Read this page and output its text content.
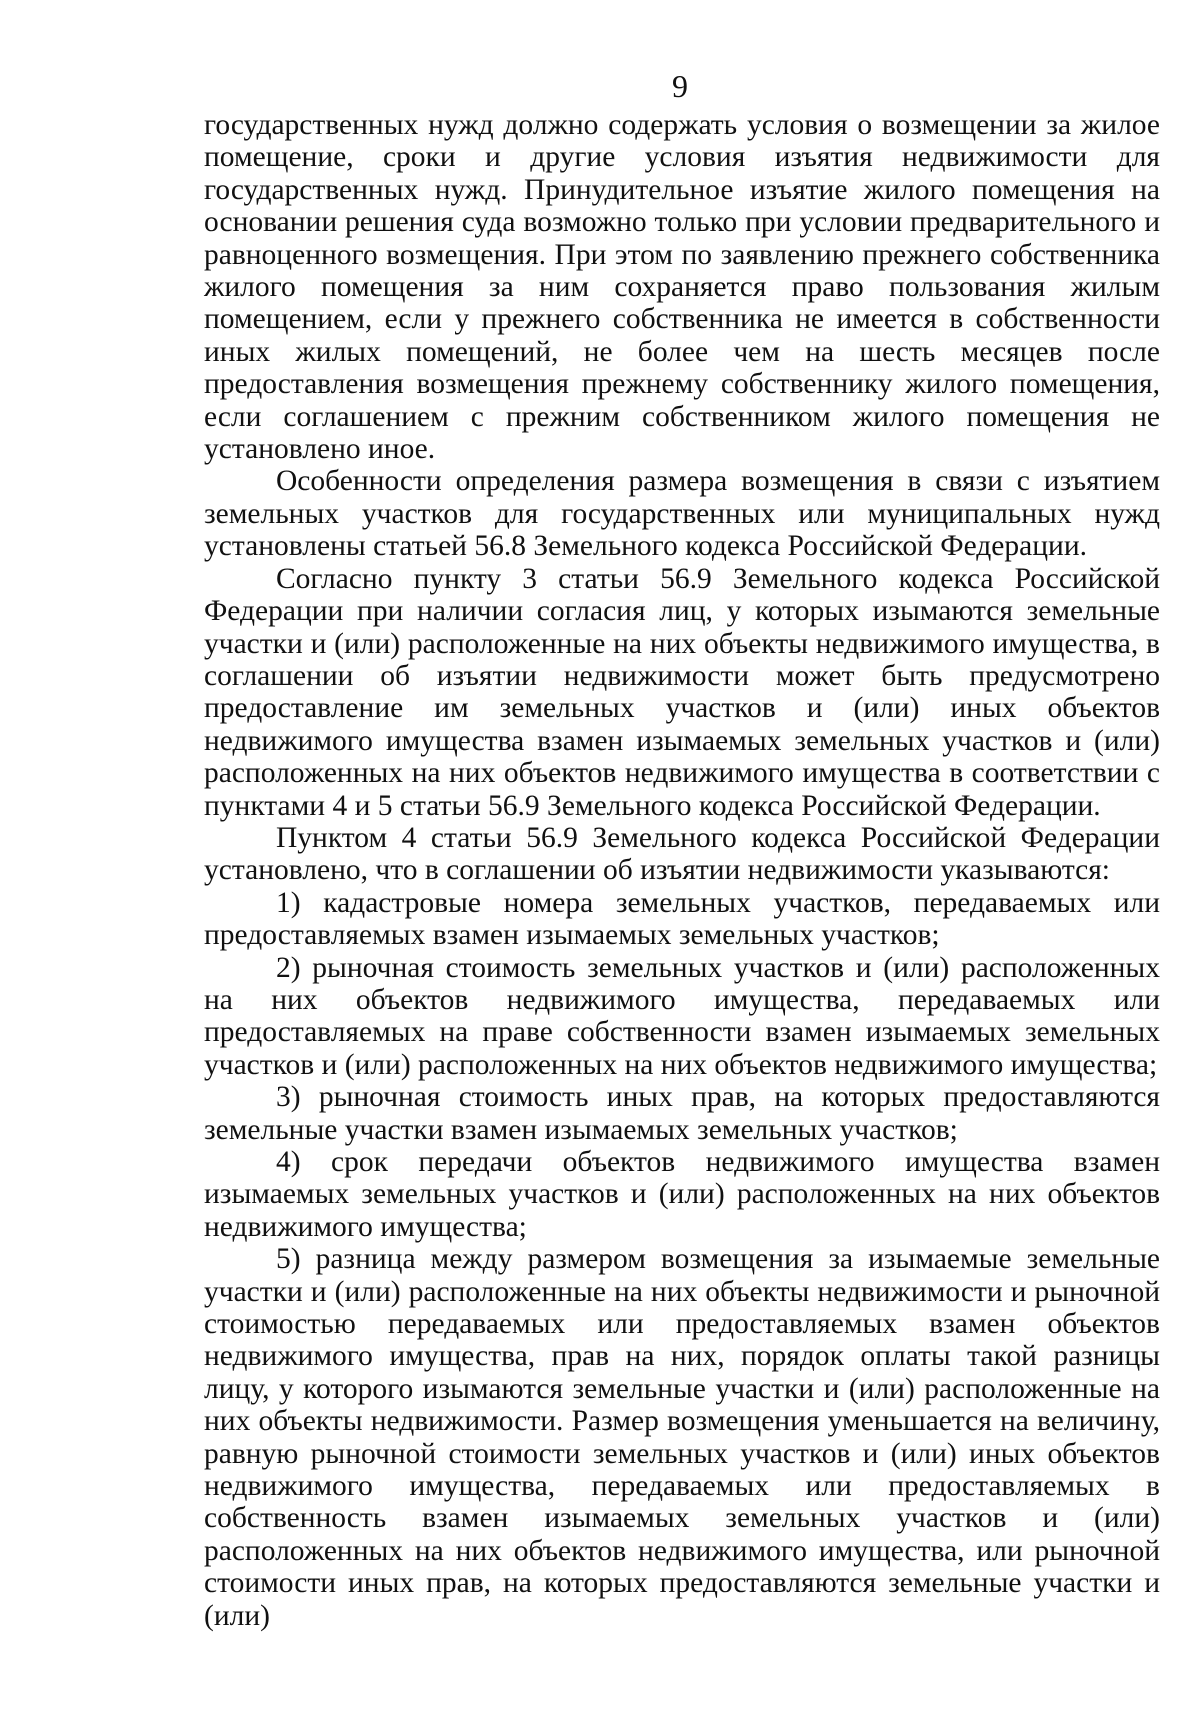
9

государственных нужд должно содержать условия о возмещении за жилое помещение, сроки и другие условия изъятия недвижимости для государственных нужд. Принудительное изъятие жилого помещения на основании решения суда возможно только при условии предварительного и равноценного возмещения. При этом по заявлению прежнего собственника жилого помещения за ним сохраняется право пользования жилым помещением, если у прежнего собственника не имеется в собственности иных жилых помещений, не более чем на шесть месяцев после предоставления возмещения прежнему собственнику жилого помещения, если соглашением с прежним собственником жилого помещения не установлено иное.

Особенности определения размера возмещения в связи с изъятием земельных участков для государственных или муниципальных нужд установлены статьей 56.8 Земельного кодекса Российской Федерации.

Согласно пункту 3 статьи 56.9 Земельного кодекса Российской Федерации при наличии согласия лиц, у которых изымаются земельные участки и (или) расположенные на них объекты недвижимого имущества, в соглашении об изъятии недвижимости может быть предусмотрено предоставление им земельных участков и (или) иных объектов недвижимого имущества взамен изымаемых земельных участков и (или) расположенных на них объектов недвижимого имущества в соответствии с пунктами 4 и 5 статьи 56.9 Земельного кодекса Российской Федерации.

Пунктом 4 статьи 56.9 Земельного кодекса Российской Федерации установлено, что в соглашении об изъятии недвижимости указываются:

1) кадастровые номера земельных участков, передаваемых или предоставляемых взамен изымаемых земельных участков;

2) рыночная стоимость земельных участков и (или) расположенных на них объектов недвижимого имущества, передаваемых или предоставляемых на праве собственности взамен изымаемых земельных участков и (или) расположенных на них объектов недвижимого имущества;

3) рыночная стоимость иных прав, на которых предоставляются земельные участки взамен изымаемых земельных участков;

4) срок передачи объектов недвижимого имущества взамен изымаемых земельных участков и (или) расположенных на них объектов недвижимого имущества;

5) разница между размером возмещения за изымаемые земельные участки и (или) расположенные на них объекты недвижимости и рыночной стоимостью передаваемых или предоставляемых взамен объектов недвижимого имущества, прав на них, порядок оплаты такой разницы лицу, у которого изымаются земельные участки и (или) расположенные на них объекты недвижимости. Размер возмещения уменьшается на величину, равную рыночной стоимости земельных участков и (или) иных объектов недвижимого имущества, передаваемых или предоставляемых в собственность взамен изымаемых земельных участков и (или) расположенных на них объектов недвижимого имущества, или рыночной стоимости иных прав, на которых предоставляются земельные участки и (или)
